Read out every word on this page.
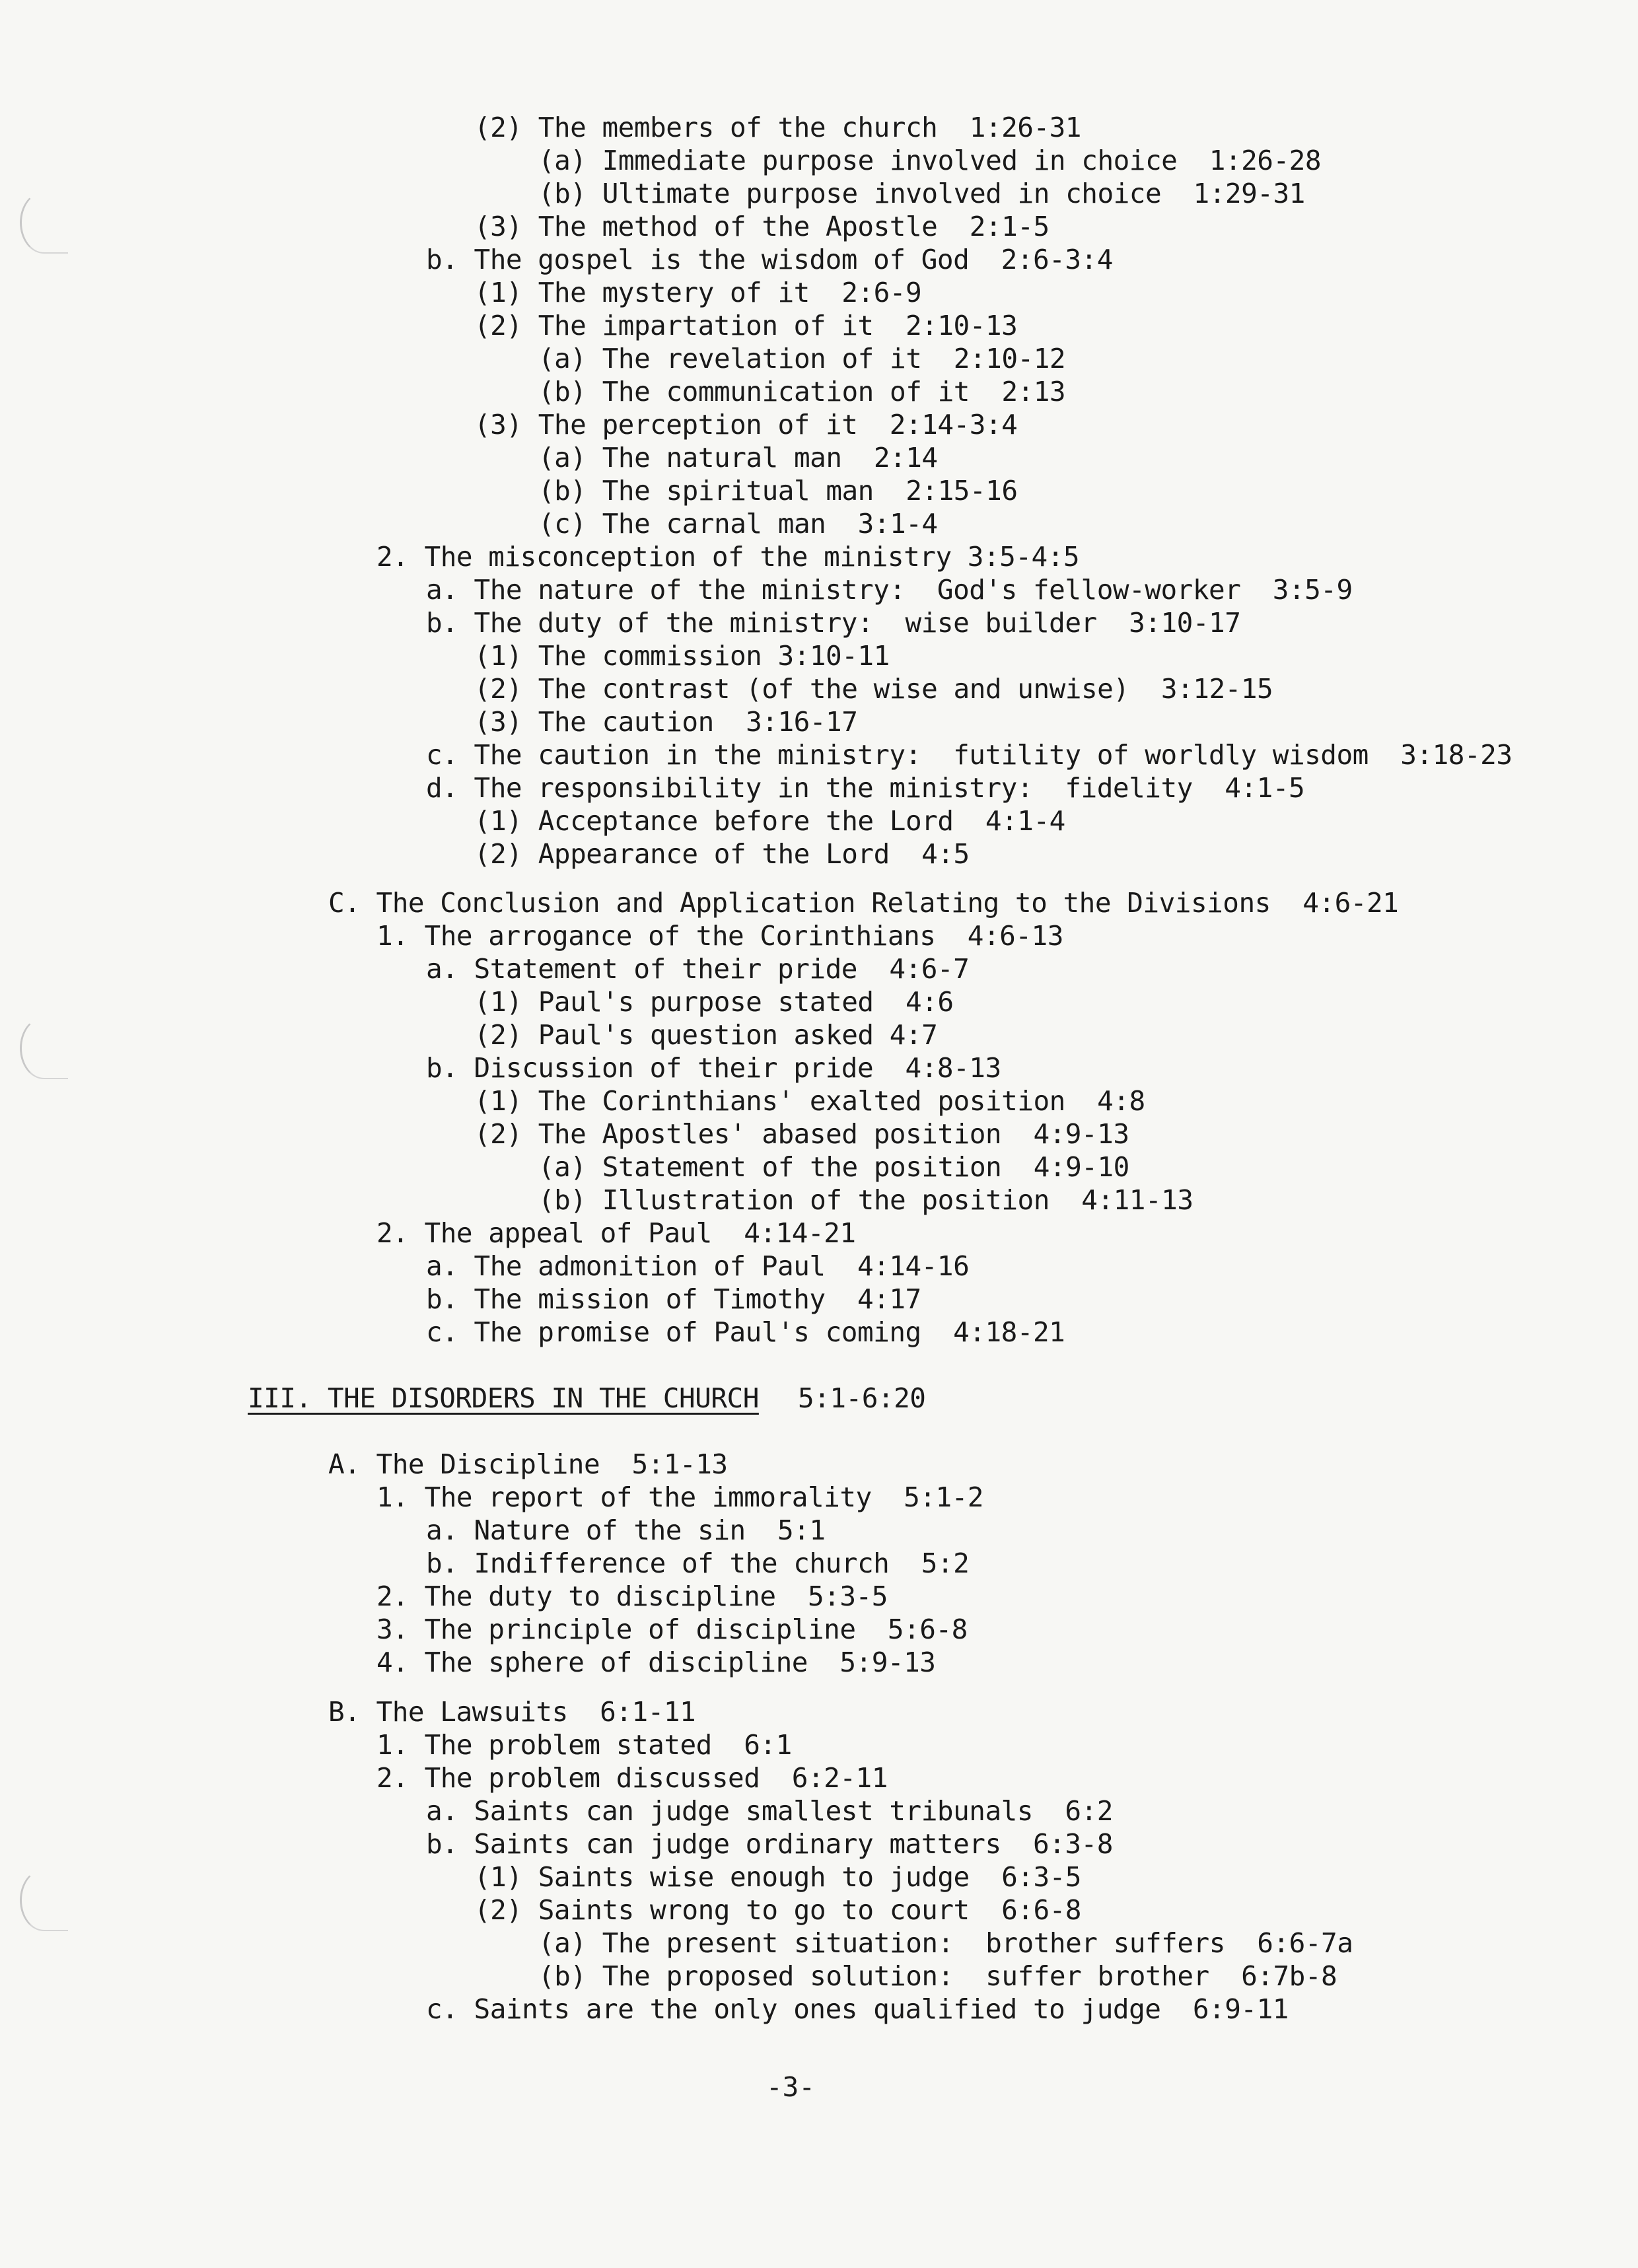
(2) The members of the church  1:26-31
(a) Immediate purpose involved in choice  1:26-28
(b) Ultimate purpose involved in choice  1:29-31
(3) The method of the Apostle  2:1-5
b. The gospel is the wisdom of God  2:6-3:4
(1) The mystery of it  2:6-9
(2) The impartation of it  2:10-13
(a) The revelation of it  2:10-12
(b) The communication of it  2:13
(3) The perception of it  2:14-3:4
(a) The natural man  2:14
(b) The spiritual man  2:15-16
(c) The carnal man  3:1-4
2. The misconception of the ministry 3:5-4:5
a. The nature of the ministry:  God's fellow-worker  3:5-9
b. The duty of the ministry:  wise builder  3:10-17
(1) The commission 3:10-11
(2) The contrast (of the wise and unwise)  3:12-15
(3) The caution  3:16-17
c. The caution in the ministry:  futility of worldly wisdom  3:18-23
d. The responsibility in the ministry:  fidelity  4:1-5
(1) Acceptance before the Lord  4:1-4
(2) Appearance of the Lord  4:5
C. The Conclusion and Application Relating to the Divisions  4:6-21
1. The arrogance of the Corinthians  4:6-13
a. Statement of their pride  4:6-7
(1) Paul's purpose stated  4:6
(2) Paul's question asked 4:7
b. Discussion of their pride  4:8-13
(1) The Corinthians' exalted position  4:8
(2) The Apostles' abased position  4:9-13
(a) Statement of the position  4:9-10
(b) Illustration of the position  4:11-13
2. The appeal of Paul  4:14-21
a. The admonition of Paul  4:14-16
b. The mission of Timothy  4:17
c. The promise of Paul's coming  4:18-21
III. THE DISORDERS IN THE CHURCH 5:1-6:20
A. The Discipline  5:1-13
1. The report of the immorality  5:1-2
a. Nature of the sin  5:1
b. Indifference of the church  5:2
2. The duty to discipline  5:3-5
3. The principle of discipline  5:6-8
4. The sphere of discipline  5:9-13
B. The Lawsuits  6:1-11
1. The problem stated  6:1
2. The problem discussed  6:2-11
a. Saints can judge smallest tribunals  6:2
b. Saints can judge ordinary matters  6:3-8
(1) Saints wise enough to judge  6:3-5
(2) Saints wrong to go to court  6:6-8
(a) The present situation:  brother suffers  6:6-7a
(b) The proposed solution:  suffer brother  6:7b-8
c. Saints are the only ones qualified to judge  6:9-11
-3-
